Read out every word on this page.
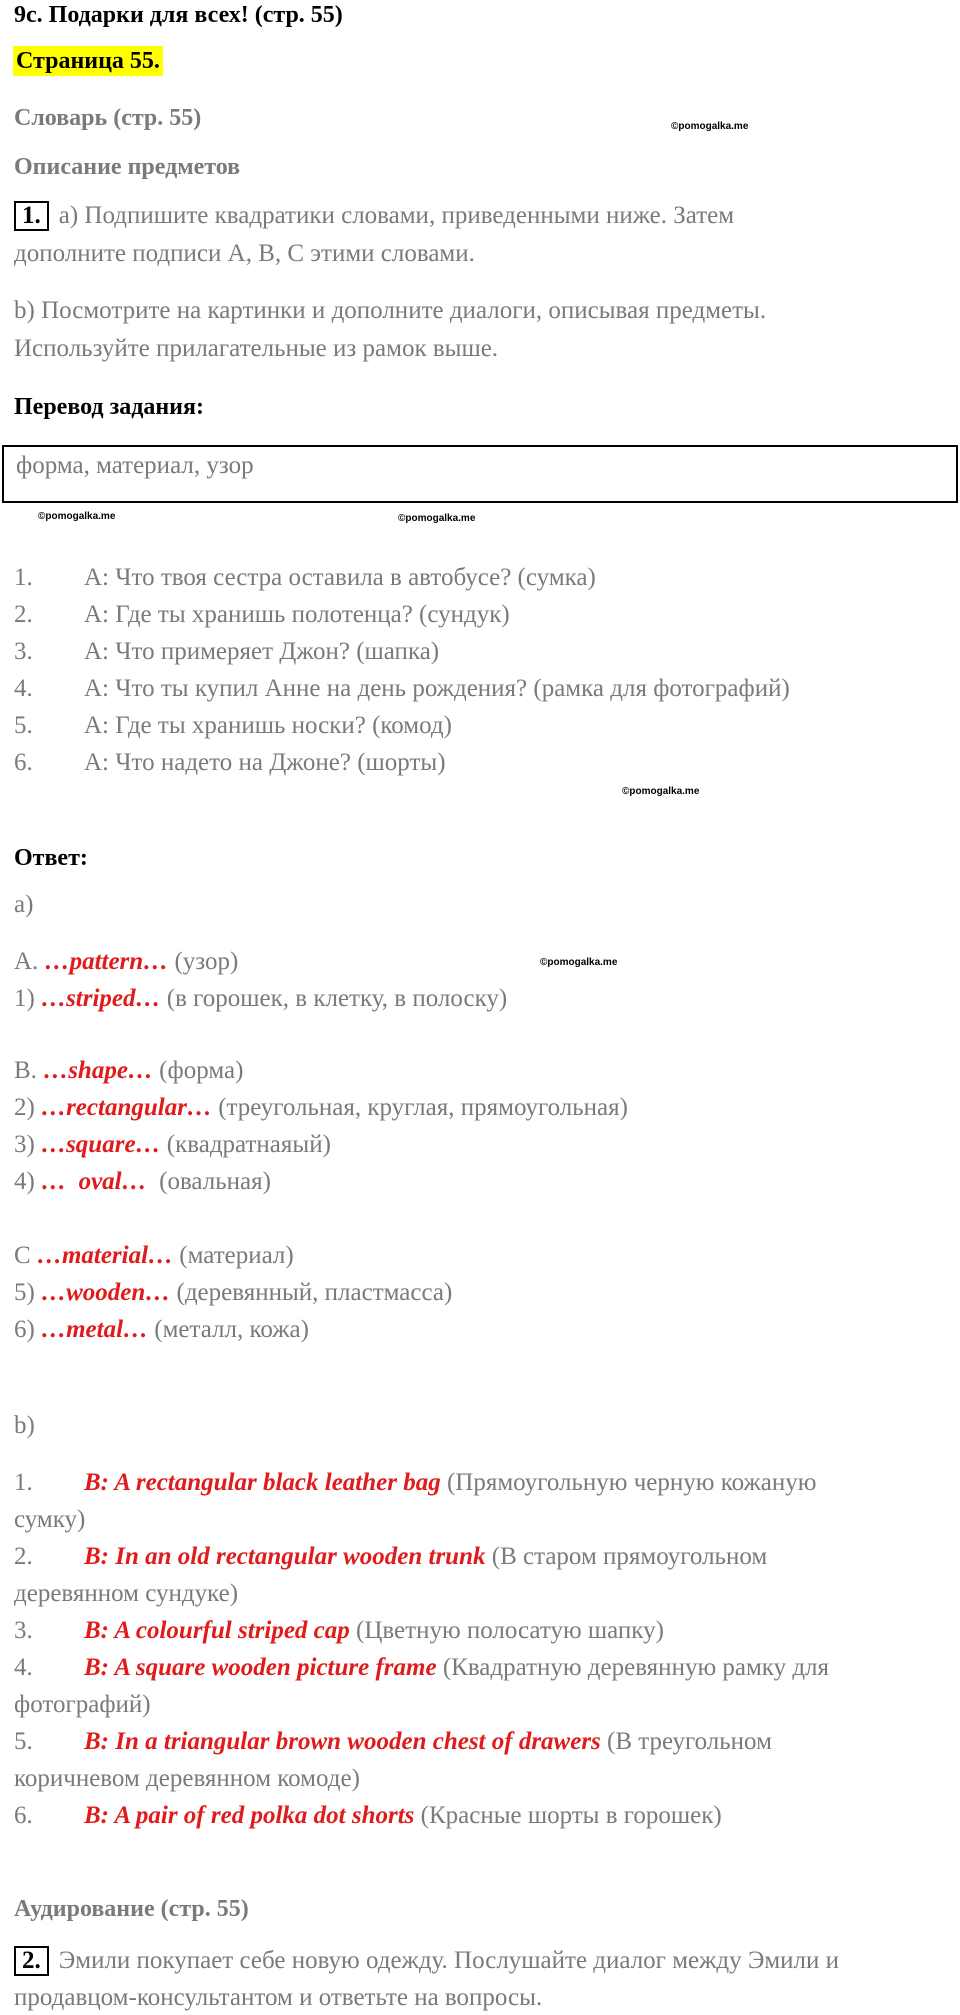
9с. Подарки для всех! (стр. 55)
Страница 55.
Словарь (стр. 55)	©pomogalka.me
Описание предметов
1. а) Подпишите квадратики словами, приведенными ниже. Затем
дополните подписи А, В, С этими словами.
b) Посмотрите на картинки и дополните диалоги, описывая предметы.
Используйте прилагательные из рамок выше.
Перевод задания:
форма, материал, узор
©pomogalka.me	©pomogalka.me
1. А: Что твоя сестра оставила в автобусе? (сумка)
2. А: Где ты хранишь полотенца? (сундук)
3. А: Что примеряет Джон? (шапка)
4. А: Что ты купил Анне на день рождения? (рамка для фотографий)
5. А: Где ты хранишь носки? (комод)
6. А: Что надето на Джоне? (шорты)
©pomogalka.me
Ответ:
а)
А. …pattern… (узор)	©pomogalka.me
1) …striped… (в горошек, в клетку, в полоску)
В. …shape… (форма)
2) …rectangular… (треугольная, круглая, прямоугольная)
3) …square… (квадратнаяый)
4) …  oval…  (овальная)
С …material… (материал)
5) …wooden… (деревянный, пластмасса)
6) …metal… (металл, кожа)
b)
1. B: A rectangular black leather bag (Прямоугольную черную кожаную
сумку)
2. B: In an old rectangular wooden trunk (В старом прямоугольном
деревянном сундуке)
3. B: A colourful striped cap (Цветную полосатую шапку)
4. B: A square wooden picture frame (Квадратную деревянную рамку для
фотографий)
5. B: In a triangular brown wooden chest of drawers (В треугольном
коричневом деревянном комоде)
6. B: A pair of red polka dot shorts (Красные шорты в горошек)
Аудирование (стр. 55)
2. Эмили покупает себе новую одежду. Послушайте диалог между Эмили и
продавцом-консультантом и ответьте на вопросы.
